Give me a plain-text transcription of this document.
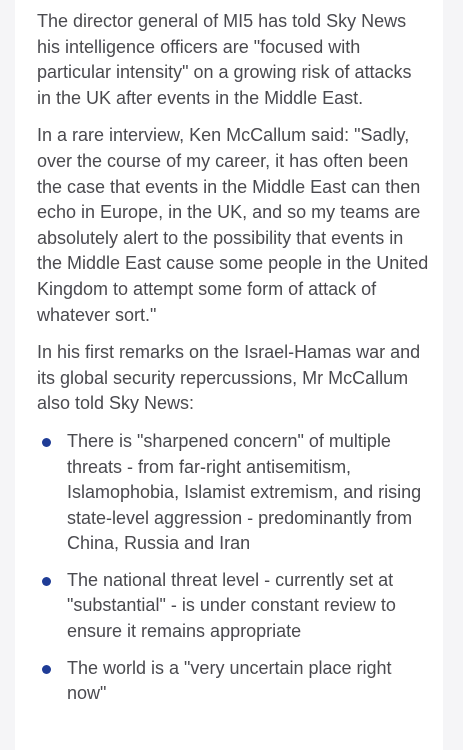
The director general of MI5 has told Sky News his intelligence officers are "focused with particular intensity" on a growing risk of attacks in the UK after events in the Middle East.

In a rare interview, Ken McCallum said: "Sadly, over the course of my career, it has often been the case that events in the Middle East can then echo in Europe, in the UK, and so my teams are absolutely alert to the possibility that events in the Middle East cause some people in the United Kingdom to attempt some form of attack of whatever sort."

In his first remarks on the Israel-Hamas war and its global security repercussions, Mr McCallum also told Sky News:

There is "sharpened concern" of multiple threats - from far-right antisemitism, Islamophobia, Islamist extremism, and rising state-level aggression - predominantly from China, Russia and Iran
The national threat level - currently set at "substantial" - is under constant review to ensure it remains appropriate
The world is a "very uncertain place right now"
